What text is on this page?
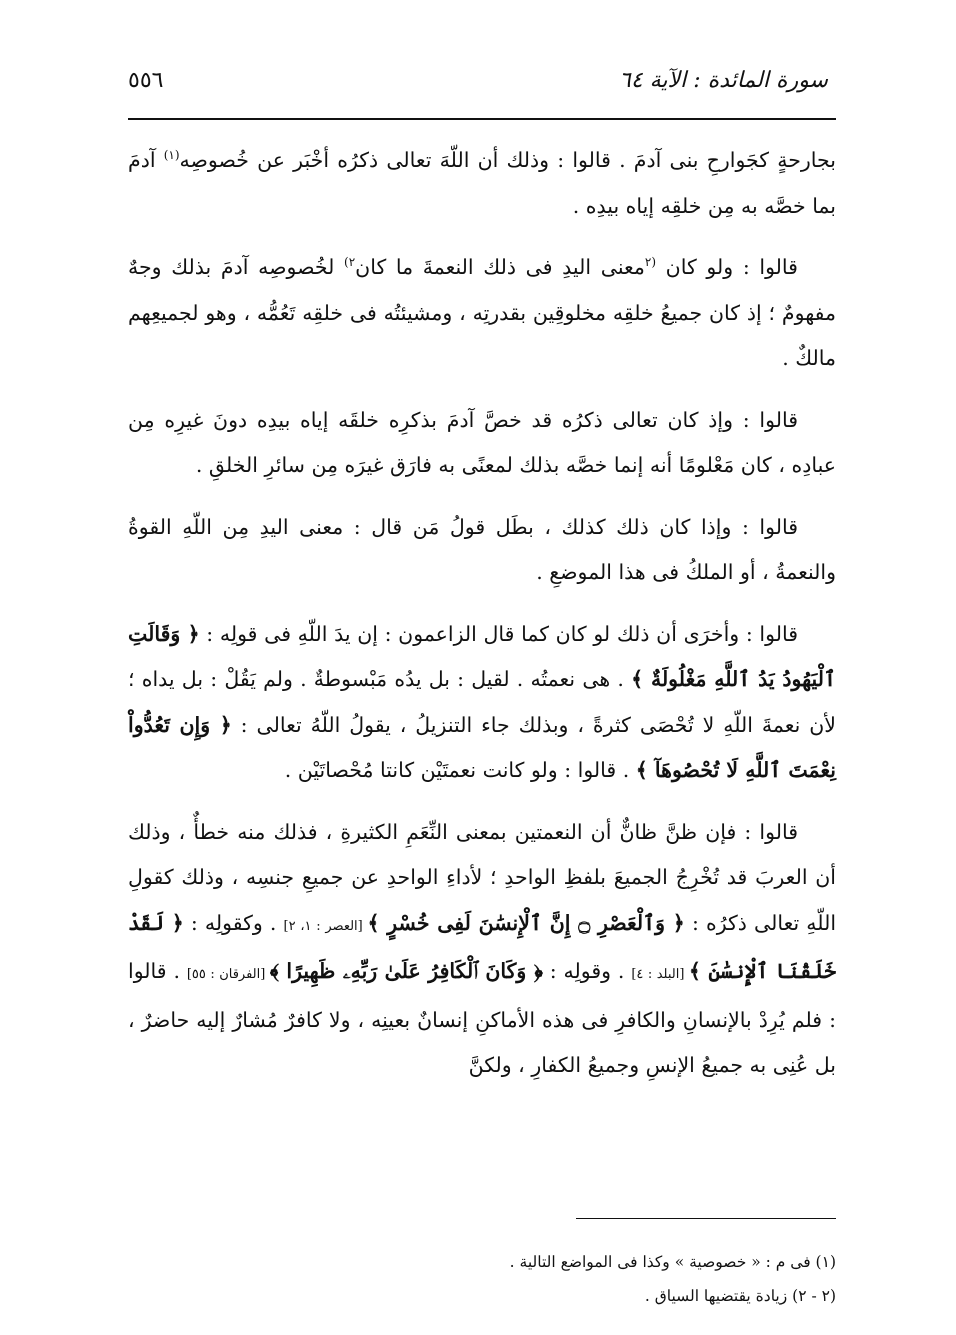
سورة المائدة : الآية ٦٤
٥٥٦

بجارحةٍ كجَوارحِ بنى آدمَ . قالوا : وذلك أن اللّهَ تعالى ذكرُه أخْبَر عن خُصوصِه$^{(١)}$ آدمَ بما خصَّه به مِن خلقِه إياه بيدِه .

قالوا : ولو كان $^{(٢}$معنى اليدِ فى ذلك النعمةَ ما كان$^{٢)}$ لخُصوصِه آدمَ بذلك وجهٌ مفهومٌ ؛ إذ كان جميعُ خلقِه مخلوقِين بقدرتِه ، ومشيئتُه فى خلقِه تَعُمُّه ، وهو لجميعِهم مالكٌ .

قالوا : وإذ كان تعالى ذكرُه قد خصَّ آدمَ بذكرِه خلقَه إياه بيدِه دونَ غيرِه مِن عبادِه ، كان مَعْلومًا أنه إنما خصَّه بذلك لمعنًى به فارَق غيرَه مِن سائرِ الخلقِ .

قالوا : وإذا كان ذلك كذلك ، بطَل قولُ مَن قال : معنى اليدِ مِن اللّهِ القوةُ والنعمةُ ، أو الملكُ فى هذا الموضعِ .

قالوا : وأخرَى أن ذلك لو كان كما قال الزاعمون : إن يدَ اللّهِ فى قولِه : ﴿ وَقَالَتِ ٱلْيَهُودُ يَدُ ٱللَّهِ مَغْلُولَةٌ ﴾ . هى نعمتُه . لقيل : بل يدُه مَبْسوطةٌ . ولم يَقُلْ : بل يداه ؛ لأن نعمةَ اللّهِ لا تُحْصَى كثرةً ، وبذلك جاء التنزيلُ ، يقولُ اللّهُ تعالى : ﴿ وَإِن تَعُدُّواْ نِعْمَتَ ٱللَّهِ لَا تُحْصُوهَآ ﴾ . قالوا : ولو كانت نعمتَيْن كانتا مُحْصاتَيْن .

قالوا : فإن ظنَّ ظانٌّ أن النعمتين بمعنى النِّعَمِ الكثيرةِ ، فذلك منه خطأٌ ، وذلك أن العربَ قد تُخْرِجُ الجميعَ بلفظِ الواحدِ ؛ لأداءِ الواحدِ عن جميعِ جنسِه ، وذلك كقولِ اللّهِ تعالى ذكرُه : ﴿ وَٱلْعَصْرِ ۝ إِنَّ ٱلْإِنسَٰنَ لَفِى خُسْرٍ ﴾ [العصر : ١، ٢] . وكقولِه : ﴿ لَقَدْ خَلَقْنَا ٱلْإِنسَٰنَ ﴾ [البلد : ٤] . وقولِه : ﴿ وَكَانَ ٱلْكَافِرُ عَلَىٰ رَبِّهِۦ ظَهِيرًا ﴾ [الفرقان : ٥٥] . قالوا : فلم يُرِدْ بالإنسانِ والكافرِ فى هذه الأماكنِ إنسانٌ بعينِه ، ولا كافرٌ مُشارٌ إليه حاضرٌ ، بل عُنِى به جميعُ الإنسِ وجميعُ الكفارِ ، ولكنَّ

(١) فى م : « خصوصية » وكذا فى المواضع التالية .

(٢ - ٢) زيادة يقتضيها السياق .
